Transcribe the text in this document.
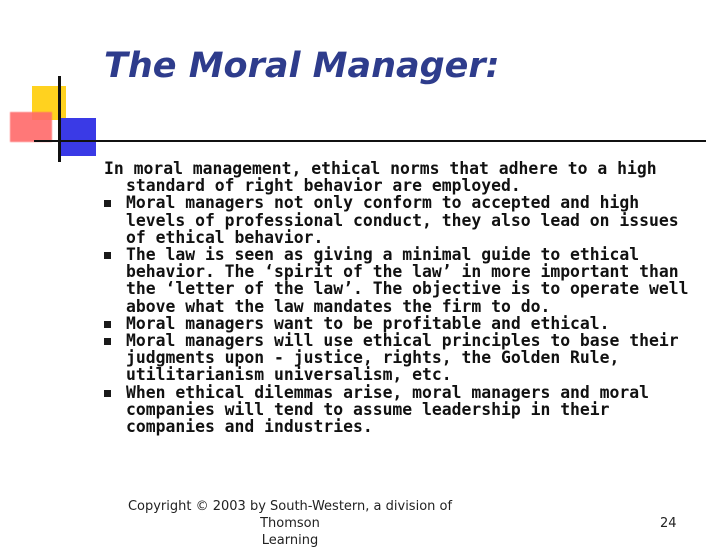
The Moral Manager:

In moral management, ethical norms that adhere to a high standard of right behavior are employed.

Moral managers not only conform to accepted and high levels of professional conduct, they also lead on issues of ethical behavior.
The law is seen as giving a minimal guide to ethical behavior. The ‘spirit of the law’ in more important than the ‘letter of the law’. The objective is to operate well above what the law mandates the firm to do.
Moral managers want to be profitable and ethical.
Moral managers will use ethical principles to base their judgments upon - justice, rights, the Golden Rule, utilitarianism universalism, etc.
When ethical dilemmas arise, moral managers and moral companies will tend to assume leadership in their companies and industries.
Copyright © 2003 by South-Western, a division of Thomson
Learning
24
